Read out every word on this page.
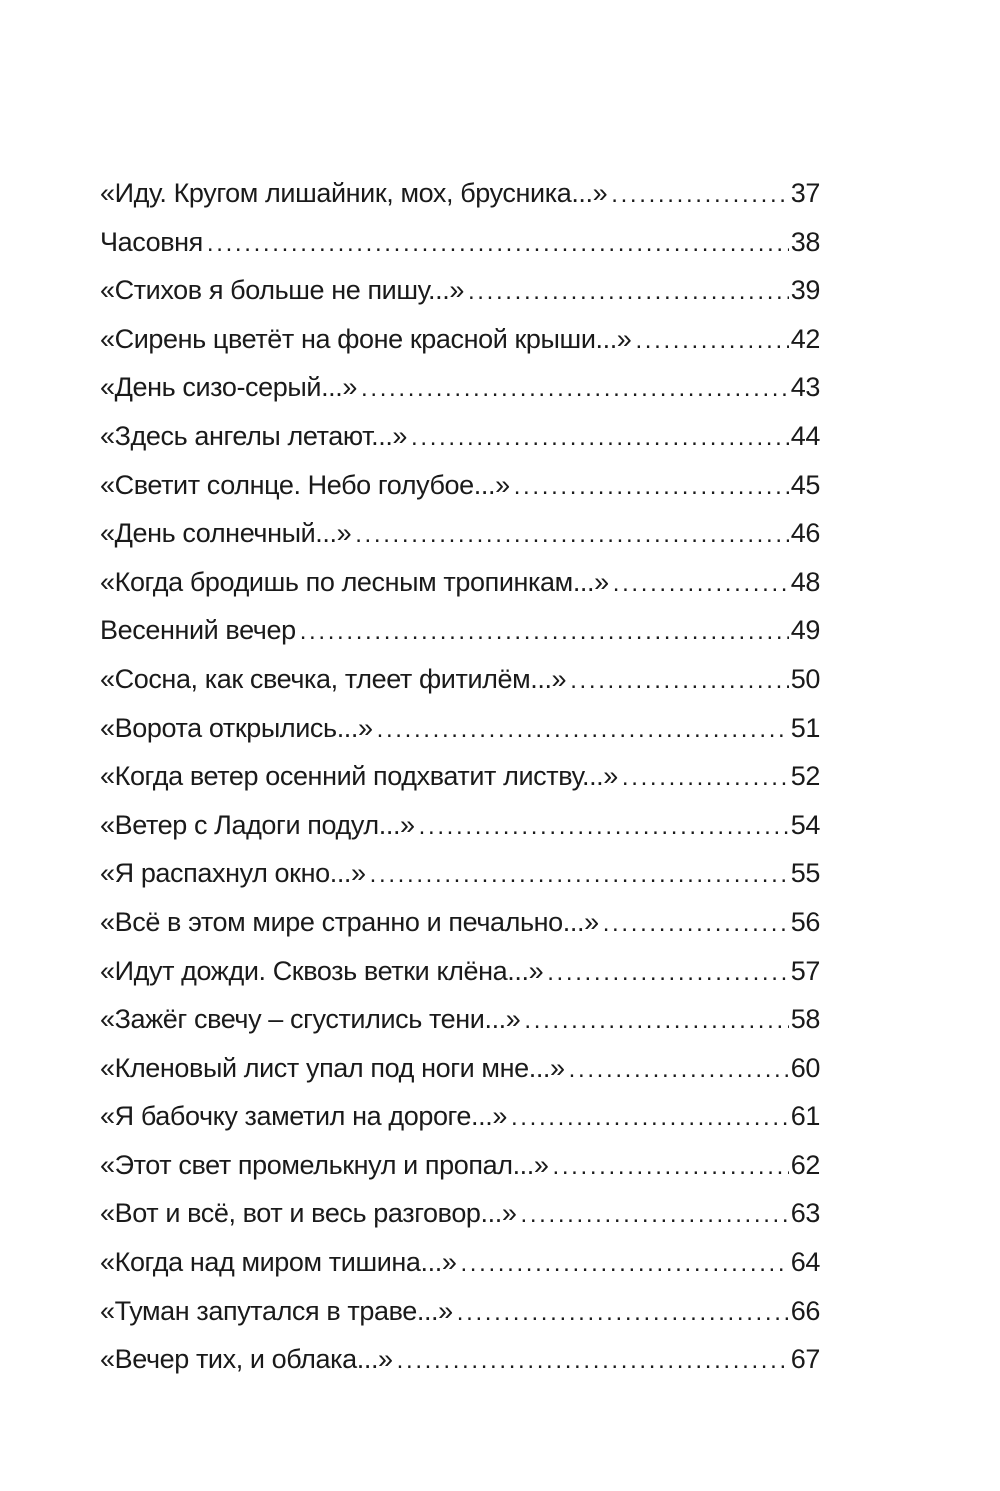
«Иду. Кругом лишайник, мох, брусника...» . . .	37
Часовня . . .	38
«Стихов я больше не пишу...» . . .	39
«Сирень цветёт на фоне красной крыши...» . . .	42
«День сизо-серый...» . . .	43
«Здесь ангелы летают...» . . .	44
«Светит солнце. Небо голубое...» . . .	45
«День солнечный...» . . .	46
«Когда бродишь по лесным тропинкам...» . . .	48
Весенний вечер . . .	49
«Сосна, как свечка, тлеет фитилём...» . . .	50
«Ворота открылись...» . . .	51
«Когда ветер осенний подхватит листву...» . . .	52
«Ветер с Ладоги подул...» . . .	54
«Я распахнул окно...» . . .	55
«Всё в этом мире странно и печально...» . . .	56
«Идут дожди. Сквозь ветки клёна...» . . .	57
«Зажёг свечу – сгустились тени...» . . .	58
«Кленовый лист упал под ноги мне...» . . .	60
«Я бабочку заметил на дороге...» . . .	61
«Этот свет промелькнул и пропал...» . . .	62
«Вот и всё, вот и весь разговор...» . . .	63
«Когда над миром тишина...» . . .	64
«Туман запутался в траве...» . . .	66
«Вечер тих, и облака...» . . .	67
